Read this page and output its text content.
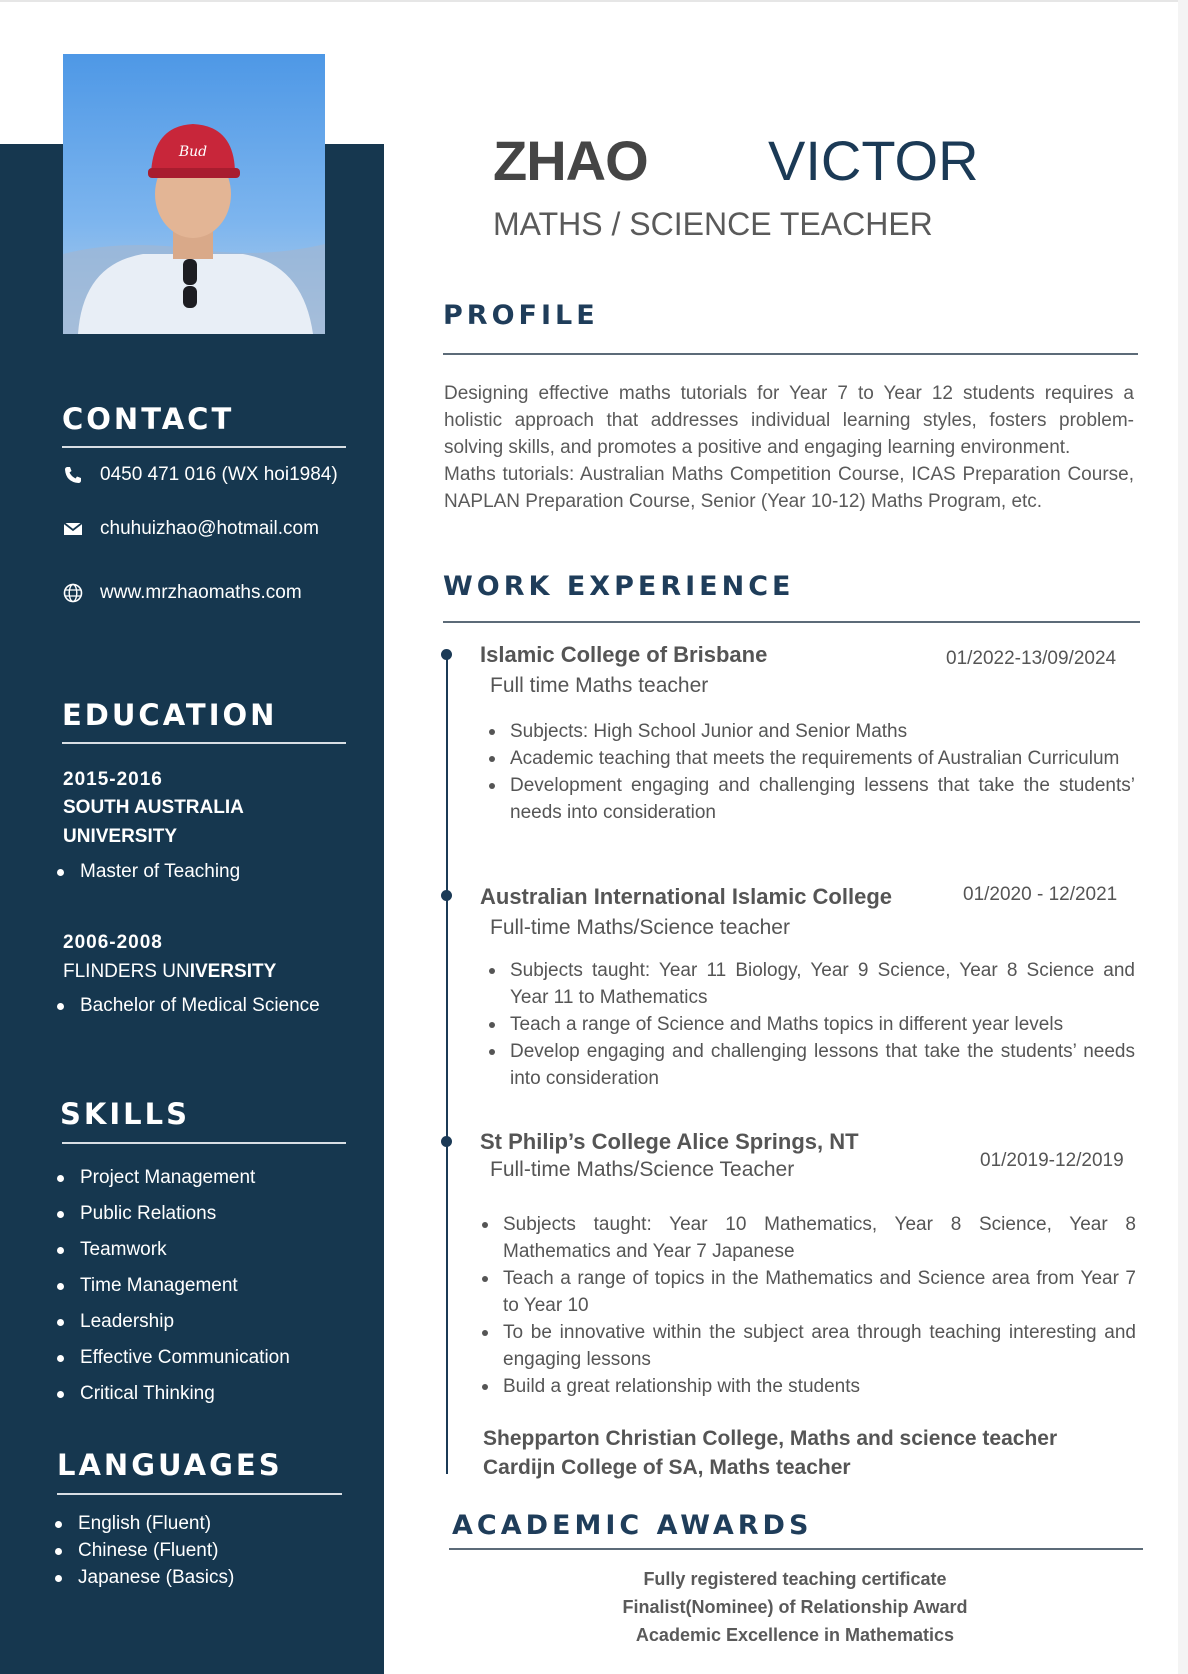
Bud
CONTACT
0450 471 016 (WX hoi1984)
chuhuizhao@hotmail.com
www.mrzhaomaths.com
EDUCATION
2015-2016
SOUTH AUSTRALIA
UNIVERSITY
Master of Teaching
2006-2008
FLINDERS UNIVERSITY
Bachelor of Medical Science
SKILLS
Project Management
Public Relations
Teamwork
Time Management
Leadership
Effective Communication
Critical Thinking
LANGUAGES
English (Fluent)
Chinese (Fluent)
Japanese (Basics)
ZHAO VICTOR
MATHS / SCIENCE TEACHER
PROFILE
Designing effective maths tutorials for Year 7 to Year 12 students requires a holistic approach that addresses individual learning styles, fosters problem-solving skills, and promotes a positive and engaging learning environment.
Maths tutorials: Australian Maths Competition Course, ICAS Preparation Course, NAPLAN Preparation Course, Senior (Year 10-12) Maths Program, etc.
WORK EXPERIENCE
Islamic College of Brisbane	01/2022-13/09/2024
Full time Maths teacher
Subjects: High School Junior and Senior Maths
Academic teaching that meets the requirements of Australian Curriculum
Development engaging and challenging lessens that take the students’ needs into consideration
Australian International Islamic College	01/2020 - 12/2021
Full-time Maths/Science teacher
Subjects taught: Year 11 Biology, Year 9 Science, Year 8 Science and Year 11 to Mathematics
Teach a range of Science and Maths topics in different year levels
Develop engaging and challenging lessons that take the students’ needs into consideration
St Philip’s College Alice Springs, NT
01/2019-12/2019
Full-time Maths/Science Teacher
Subjects taught: Year 10 Mathematics, Year 8 Science, Year 8 Mathematics and Year 7 Japanese
Teach a range of topics in the Mathematics and Science area from Year 7 to Year 10
To be innovative within the subject area through teaching interesting and engaging lessons
Build a great relationship with the students
Shepparton Christian College, Maths and science teacher
Cardijn College of SA, Maths teacher
ACADEMIC AWARDS
Fully registered teaching certificate
Finalist(Nominee) of Relationship Award
Academic Excellence in Mathematics
